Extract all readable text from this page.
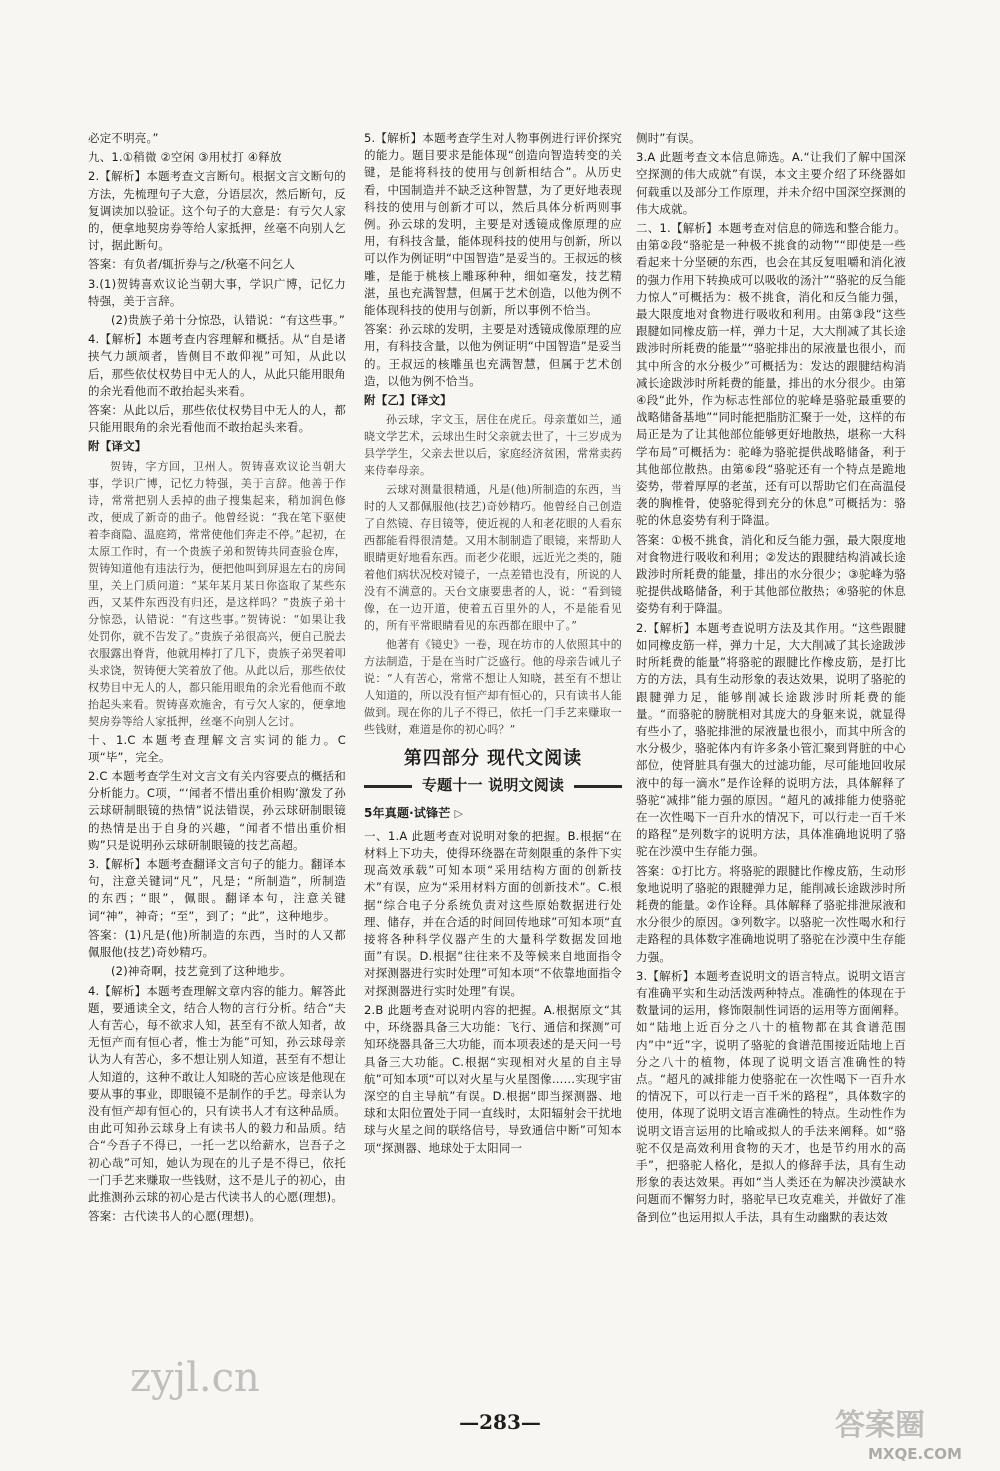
必定不明亮。”

九、1.①稍微 ②空闲 ③用杖打 ④释放

2.【解析】本题考查文言断句。根据文言文断句的方法，先梳理句子大意，分语层次，然后断句，反复调读加以验证。这个句子的大意是：有亏欠人家的，便拿地契房券等给人家抵押，丝毫不向别人乞讨，据此断句。

答案：有负者/辄折券与之/秋毫不问乞人

3.(1)贺铸喜欢议论当朝大事，学识广博，记忆力特强，美于言辞。

(2)贵族子弟十分惊恐，认错说：“有这些事。”

4.【解析】本题考查内容理解和概括。从“自是诸挟气力颉颃者，皆侧目不敢仰视”可知，从此以后，那些依仗权势目中无人的人，从此只能用眼角的余光看他而不敢抬起头来看。

答案：从此以后，那些依仗权势目中无人的人，都只能用眼角的余光看他而不敢抬起头来看。

附【译文】

贺铸，字方回，卫州人。贺铸喜欢议论当朝大事，学识广博，记忆力特强，美于言辞。他善于作诗，常常把别人丢掉的曲子搜集起来，稍加润色修改，便成了新奇的曲子。他曾经说：“我在笔下驱使着李商隐、温庭筠，常常使他们奔走不停。”起初，在太原工作时，有一个贵族子弟和贺铸共同查验仓库，贺铸知道他有违法行为，便把他叫到屏退左右的房间里，关上门质问道：“某年某月某日你盗取了某些东西，又某件东西没有归还，是这样吗？”贵族子弟十分惊恐，认错说：“有这些事。”贺铸说：“如果让我处罚你，就不告发了。”贵族子弟很高兴，便自己脱去衣服露出脊背，他就用棒打了几下，贵族子弟哭着叩头求饶，贺铸便大笑着放了他。从此以后，那些依仗权势目中无人的人，都只能用眼角的余光看他而不敢抬起头来看。贺铸喜欢施舍，有亏欠人家的，便拿地契房券等给人家抵押，丝毫不向别人乞讨。

十、1.C 本题考查理解文言实词的能力。C项“毕”，完全。

2.C 本题考查学生对文言文有关内容要点的概括和分析能力。C项，“‘闻者不惜出重价相购’激发了孙云球研制眼镜的热情”说法错误，孙云球研制眼镜的热情是出于自身的兴趣，“闻者不惜出重价相购”只是说明孙云球研制眼镜的技艺高超。

3.【解析】本题考查翻译文言句子的能力。翻译本句，注意关键词“凡”，凡是；“所制造”，所制造的东西；“眼”，佩眼。翻译本句，注意关键词“神”，神奇；“至”，到了；“此”，这种地步。

答案：(1)凡是(他)所制造的东西，当时的人又都佩服他(技艺)奇妙精巧。

(2)神奇啊，技艺竟到了这种地步。

4.【解析】本题考查理解文章内容的能力。解答此题，要通读全文，结合人物的言行分析。结合“夫人有苦心，每不欲求人知，甚至有不欲人知者，故无恒产而有恒心者，惟士为能”可知，孙云球母亲认为人有苦心，多不想让别人知道，甚至有不想让人知道的，这种不敢让人知晓的苦心应该是他现在要从事的事业，即眼镜不是制作的手艺。母亲认为没有恒产却有恒心的，只有读书人才有这种品质。由此可知孙云球身上有读书人的毅力和品质。结合“今吾子不得已，一托一艺以给薪水，岂吾子之初心哉”可知，她认为现在的儿子是不得已，依托一门手艺来赚取一些钱财，这不是儿子的初心，由此推测孙云球的初心是古代读书人的心愿(理想)。

答案：古代读书人的心愿(理想)。

5.【解析】本题考查学生对人物事例进行评价探究的能力。题目要求是能体现“创造向智造转变的关键，是能将科技的使用与创新相结合”。从历史看，中国制造并不缺乏这种智慧，为了更好地表现科技的使用与创新才可以，然后具体分析两则事例。孙云球的发明，主要是对透镜成像原理的应用，有科技含量，能体现科技的使用与创新，所以可以作为例证明“中国智造”是妥当的。王叔远的核雕，是能于桃核上雕琢种种，细如毫发，技艺精湛，虽也充满智慧，但属于艺术创造，以他为例不能体现科技的使用与创新，所以事例不恰当。

答案：孙云球的发明，主要是对透镜成像原理的应用，有科技含量，以他为例证明“中国智造”是妥当的。王叔远的核雕虽也充满智慧，但属于艺术创造，以他为例不恰当。

附【乙】【译文】

孙云球，字文玉，居住在虎丘。母亲董如兰，通晓文学艺术，云球出生时父亲就去世了，十三岁成为县学学生，父亲去世以后，家庭经济贫困，常常卖药来侍奉母亲。

云球对测量很精通，凡是(他)所制造的东西，当时的人又都佩服他(技艺)奇妙精巧。他曾经自己创造了自然镜、存目镜等，使近视的人和老花眼的人看东西都能看得很清楚。又用木制制造了眼镜，来帮助人眼睛更好地看东西。而老少花眼，远近光之类的，随着他们病状况校对镜子，一点差错也没有，所说的人没有不满意的。天台文康要患者的人，说：“看到镜像，在一边开道，使着五百里外的人，不是能看见的，所有平常眼睛看见的东西都在眼中了。”

他著有《镜史》一卷，现在坊市的人依照其中的方法制造，于是在当时广泛盛行。他的母亲告诫儿子说：“人有苦心，常常不想让人知晓，甚至有不想让人知道的，所以没有恒产却有恒心的，只有读书人能做到。现在你的儿子不得已，依托一门手艺来赚取一些钱财，难道是你的初心吗？”

第四部分 现代文阅读
专题十一 说明文阅读
5年真题·试锋芒 ▷

一、1.A 此题考查对说明对象的把握。B.根据“在材料上下功夫，使得环绕器在苛刻限重的条件下实现高效承载”可知本项“采用结构方面的创新技术”有误，应为“采用材料方面的创新技术”。C.根据“综合电子分系统负责对这些原始数据进行处理、储存，并在合适的时间回传地球”可知本项“直接将各种科学仪器产生的大量科学数据发回地面”有误。D.根据“往往来不及等候来自地面指令对探测器进行实时处理”可知本项“不依靠地面指令对探测器进行实时处理”有误。

2.B 此题考查对说明内容的把握。A.根据原文“其中，环绕器具备三大功能：飞行、通信和探测”可知环绕器具备三大功能，而本项表述的是天问一号具备三大功能。C.根据“实现相对火星的自主导航”可知本项“可以对火星与火星图像……实现宇宙深空的自主导航”有误。D.根据“即当探测器、地球和太阳位置处于同一直线时，太阳辐射会干扰地球与火星之间的联络信号，导致通信中断”可知本项“探测器、地球处于太阳同一

侧时”有误。

3.A 此题考查文本信息筛选。A.“让我们了解中国深空探测的伟大成就”有误，本文主要介绍了环绕器如何载重以及部分工作原理，并未介绍中国深空探测的伟大成就。

二、1.【解析】本题考查对信息的筛选和整合能力。由第②段“骆驼是一种极不挑食的动物”“即使是一些看起来十分坚硬的东西，也会在其反复咀嚼和消化液的强力作用下转换成可以吸收的汤汁”“骆驼的反刍能力惊人”可概括为：极不挑食，消化和反刍能力强，最大限度地对食物进行吸收和利用。由第③段“这些跟腱如同橡皮筋一样，弹力十足，大大削减了其长途跋涉时所耗费的能量”“骆驼排出的尿液量也很小，而其中所含的水分极少”可概括为：发达的跟腱结构消减长途跋涉时所耗费的能量，排出的水分很少。由第④段“此外，作为标志性部位的驼峰是骆驼最重要的战略储备基地”“同时能把脂肪汇聚于一处，这样的布局正是为了让其他部位能够更好地散热，堪称一大科学布局”可概括为：驼峰为骆驼提供战略储备，利于其他部位散热。由第⑥段“骆驼还有一个特点是跪地姿势，带着厚厚的老茧，还有可以帮助它们在高温侵袭的胸椎骨，使骆驼得到充分的休息”可概括为：骆驼的休息姿势有利于降温。

答案：①极不挑食，消化和反刍能力强，最大限度地对食物进行吸收和利用；②发达的跟腱结构消减长途跋涉时所耗费的能量，排出的水分很少；③驼峰为骆驼提供战略储备，利于其他部位散热；④骆驼的休息姿势有利于降温。

2.【解析】本题考查说明方法及其作用。“这些跟腱如同橡皮筋一样，弹力十足，大大削减了其长途跋涉时所耗费的能量”将骆驼的跟腱比作橡皮筋，是打比方的方法，具有生动形象的表达效果，说明了骆驼的跟腱弹力足，能够削减长途跋涉时所耗费的能量。“而骆驼的膀胱相对其庞大的身躯来说，就显得有些小了，骆驼排泄的尿液量也很小，而其中所含的水分极少，骆驼体内有许多条小管汇聚到肾脏的中心部位，使肾脏具有强大的过滤功能，尽可能地回收尿液中的每一滴水”是作诠释的说明方法，具体解释了骆驼“减排”能力强的原因。“超凡的减排能力使骆驼在一次性喝下一百升水的情况下，可以行走一百千米的路程”是列数字的说明方法，具体准确地说明了骆驼在沙漠中生存能力强。

答案：①打比方。将骆驼的跟腱比作橡皮筋，生动形象地说明了骆驼的跟腱弹力足，能削减长途跋涉时所耗费的能量。②作诠释。具体解释了骆驼排泄尿液和水分很少的原因。③列数字。以骆驼一次性喝水和行走路程的具体数字准确地说明了骆驼在沙漠中生存能力强。

3.【解析】本题考查说明文的语言特点。说明文语言有准确平实和生动活泼两种特点。准确性的体现在于数量词的运用，修饰限制性词语的运用等方面阐释。如“陆地上近百分之八十的植物都在其食谱范围内”中“近”字，说明了骆驼的食谱范围接近陆地上百分之八十的植物，体现了说明文语言准确性的特点。“超凡的减排能力使骆驼在一次性喝下一百升水的情况下，可以行走一百千米的路程”，具体数字的使用，体现了说明文语言准确性的特点。生动性作为说明文语言运用的比喻或拟人的手法来阐释。如“骆驼不仅是高效利用食物的天才，也是节约用水的高手”，把骆驼人格化，是拟人的修辞手法，具有生动形象的表达效果。再如“当人类还在为解决沙漠缺水问题而不懈努力时，骆驼早已攻克难关，并做好了准备到位”也运用拟人手法，具有生动幽默的表达效

—283—
zyjl.cn
答案圈
MXQE.COM
